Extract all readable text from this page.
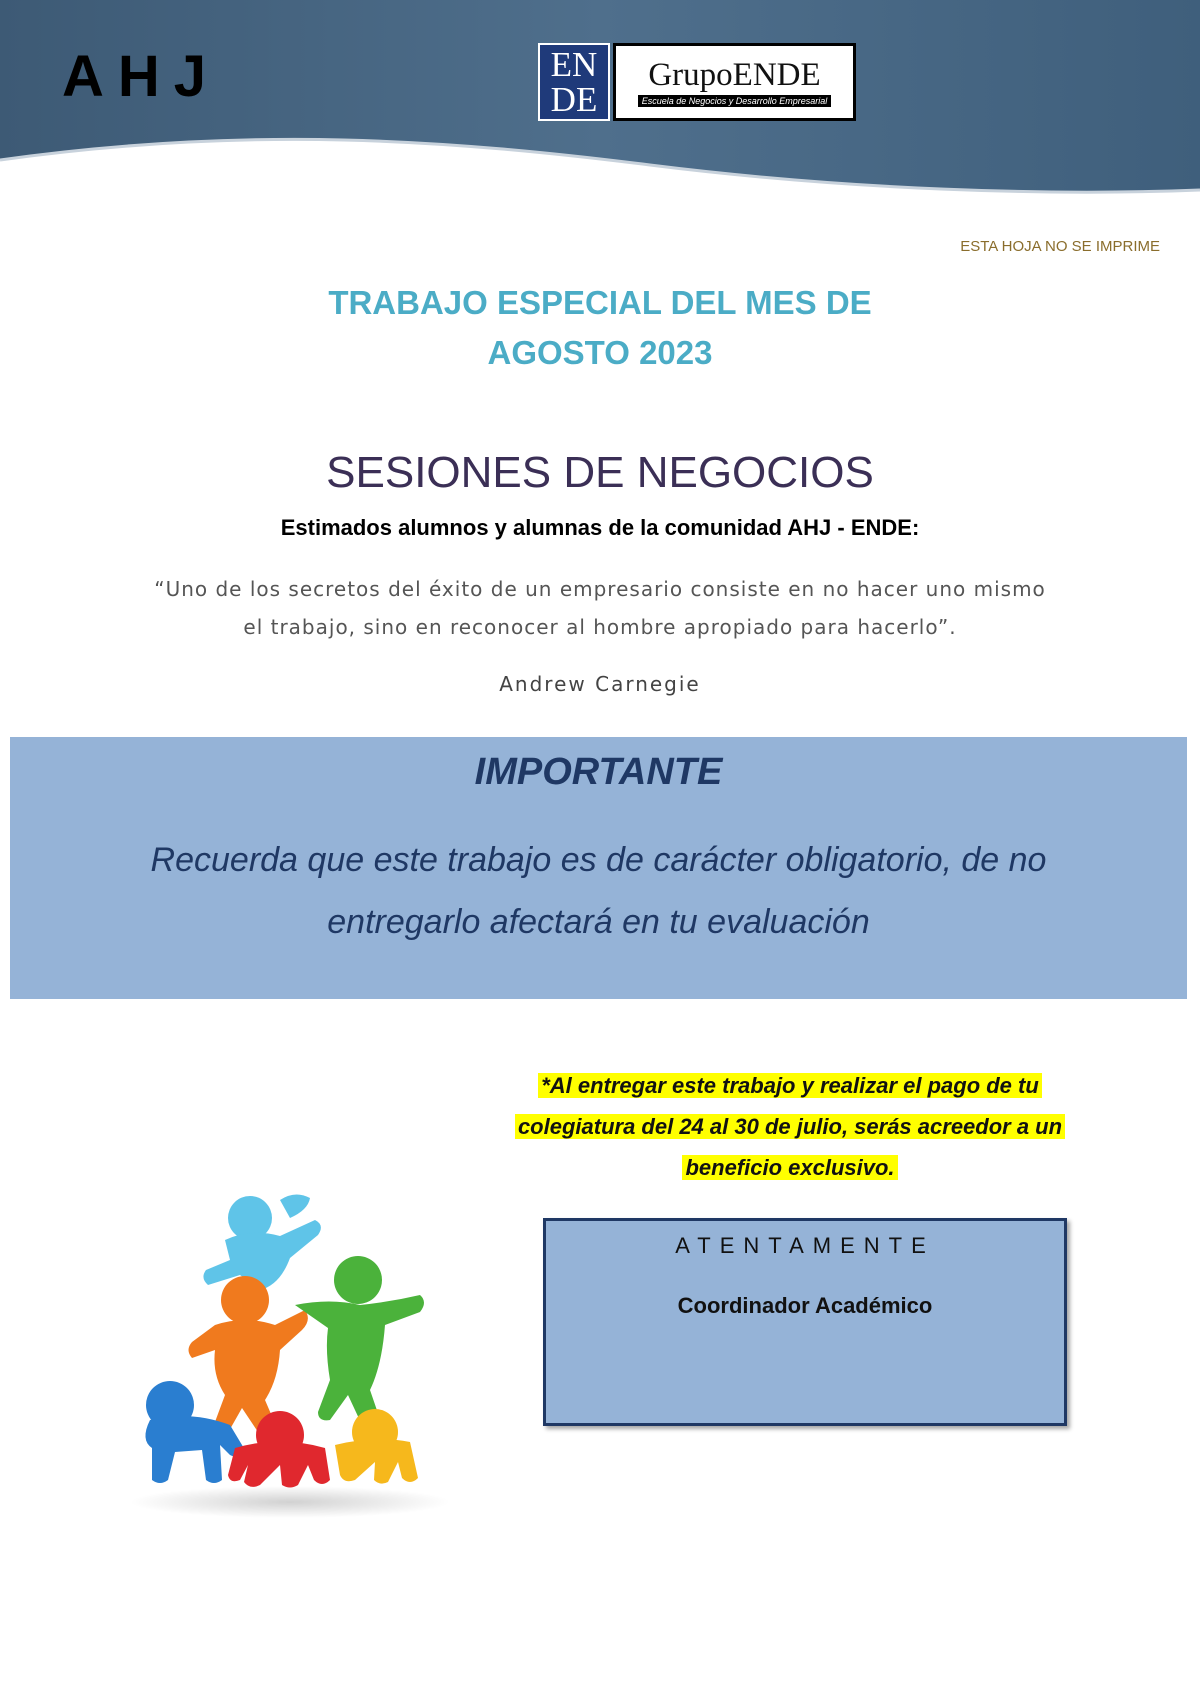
AHJ	EN
DE
GrupoENDE
Escuela de Negocios y Desarrollo Empresarial
ESTA HOJA NO SE IMPRIME
TRABAJO ESPECIAL DEL MES DE
AGOSTO 2023
SESIONES DE NEGOCIOS
Estimados alumnos y alumnas de la comunidad AHJ - ENDE:
“Uno de los secretos del éxito de un empresario consiste en no hacer uno mismo
el trabajo, sino en reconocer al hombre apropiado para hacerlo”.
Andrew Carnegie
IMPORTANTE
Recuerda que este trabajo es de carácter obligatorio, de no
entregarlo afectará en tu evaluación
*Al entregar este trabajo y realizar el pago de tu
colegiatura del 24 al 30 de julio, serás acreedor a un
beneficio exclusivo.
ATENTAMENTE
Coordinador Académico
